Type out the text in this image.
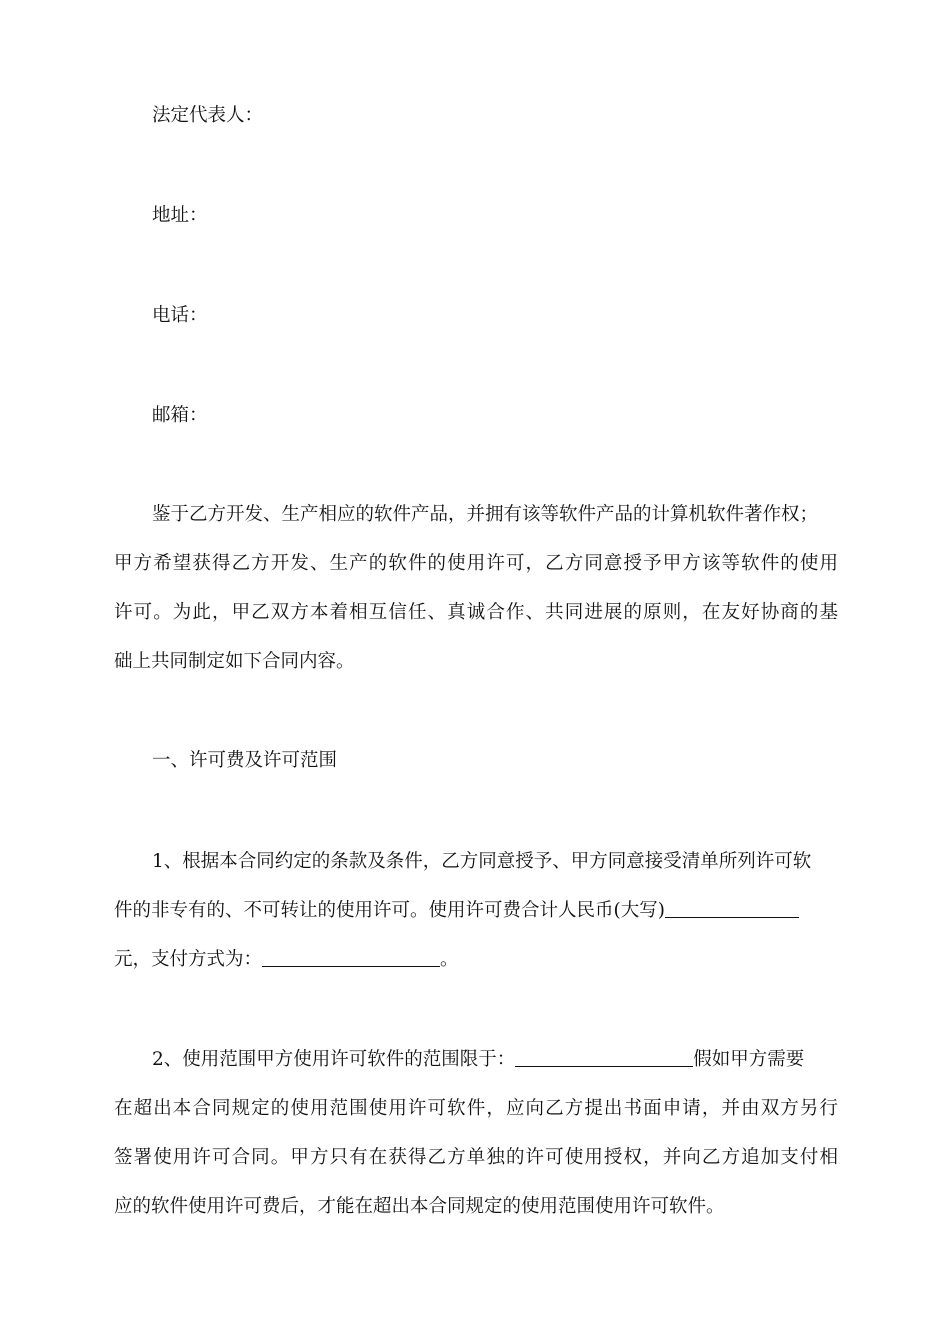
法定代表人：
地址：
电话：
邮箱：
鉴于乙方开发、生产相应的软件产品，并拥有该等软件产品的计算机软件著作权；
甲方希望获得乙方开发、生产的软件的使用许可，乙方同意授予甲方该等软件的使用
许可。为此，甲乙双方本着相互信任、真诚合作、共同进展的原则，在友好协商的基
础上共同制定如下合同内容。
一、许可费及许可范围
1、根据本合同约定的条款及条件，乙方同意授予、甲方同意接受清单所列许可软
件的非专有的、不可转让的使用许可。使用许可费合计人民币(大写)
元，支付方式为：	。
2、使用范围甲方使用许可软件的范围限于：	假如甲方需要
在超出本合同规定的使用范围使用许可软件，应向乙方提出书面申请，并由双方另行
签署使用许可合同。甲方只有在获得乙方单独的许可使用授权，并向乙方追加支付相
应的软件使用许可费后，才能在超出本合同规定的使用范围使用许可软件。
